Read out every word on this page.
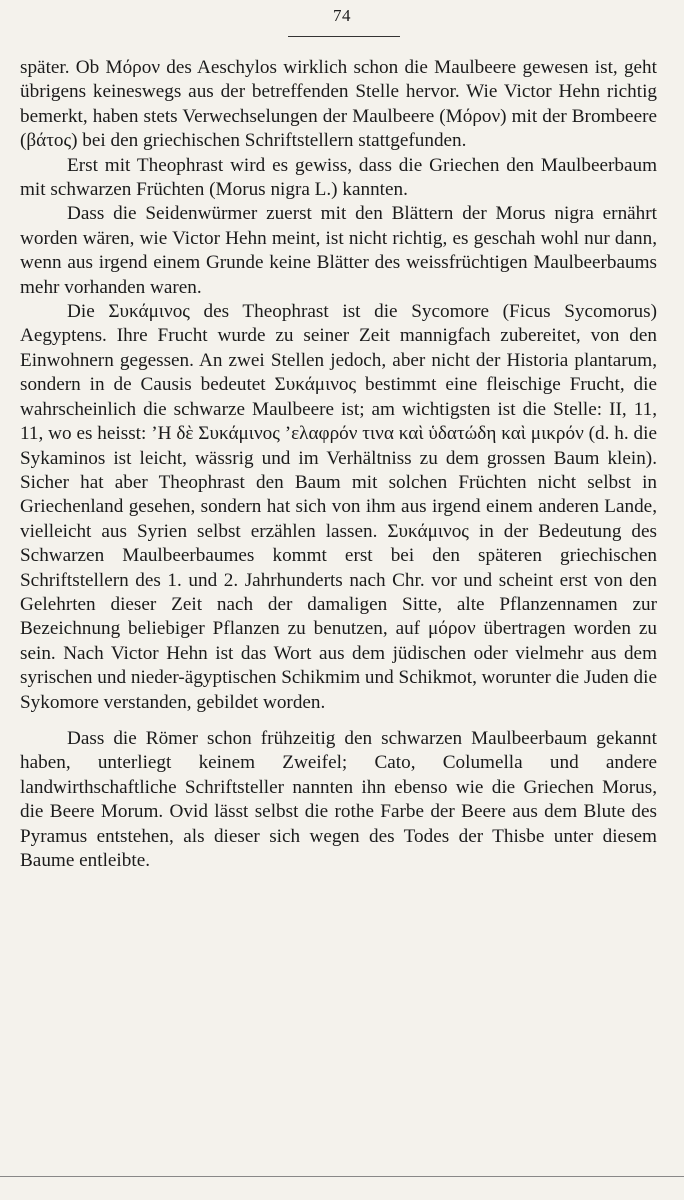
74

später. Ob Μόρον des Aeschylos wirklich schon die Maulbeere gewesen ist, geht übrigens keineswegs aus der betreffenden Stelle hervor. Wie Victor Hehn richtig bemerkt, haben stets Verwechselungen der Maulbeere (Μόρον) mit der Brombeere (βάτος) bei den griechischen Schriftstellern stattgefunden.

Erst mit Theophrast wird es gewiss, dass die Griechen den Maulbeerbaum mit schwarzen Früchten (Morus nigra L.) kannten.

Dass die Seidenwürmer zuerst mit den Blättern der Morus nigra ernährt worden wären, wie Victor Hehn meint, ist nicht richtig, es geschah wohl nur dann, wenn aus irgend einem Grunde keine Blätter des weissfrüchtigen Maulbeerbaums mehr vorhanden waren.

Die Συκάμινος des Theophrast ist die Sycomore (Ficus Sycomorus) Aegyptens. Ihre Frucht wurde zu seiner Zeit mannigfach zubereitet, von den Einwohnern gegessen. An zwei Stellen jedoch, aber nicht der Historia plantarum, sondern in de Causis bedeutet Συκάμινος bestimmt eine fleischige Frucht, die wahrscheinlich die schwarze Maulbeere ist; am wichtigsten ist die Stelle: II, 11, 11, wo es heisst: ’Η δὲ Συκάμινος ’ελαφρόν τινα καὶ ὑδατώδη καὶ μικρόν (d. h. die Sykaminos ist leicht, wässrig und im Verhältniss zu dem grossen Baum klein). Sicher hat aber Theophrast den Baum mit solchen Früchten nicht selbst in Griechenland gesehen, sondern hat sich von ihm aus irgend einem anderen Lande, vielleicht aus Syrien selbst erzählen lassen. Συκάμινος in der Bedeutung des Schwarzen Maulbeerbaumes kommt erst bei den späteren griechischen Schriftstellern des 1. und 2. Jahrhunderts nach Chr. vor und scheint erst von den Gelehrten dieser Zeit nach der damaligen Sitte, alte Pflanzennamen zur Bezeichnung beliebiger Pflanzen zu benutzen, auf μόρον übertragen worden zu sein. Nach Victor Hehn ist das Wort aus dem jüdischen oder vielmehr aus dem syrischen und nieder-ägyptischen Schikmim und Schikmot, worunter die Juden die Sykomore verstanden, gebildet worden.

Dass die Römer schon frühzeitig den schwarzen Maulbeerbaum gekannt haben, unterliegt keinem Zweifel; Cato, Columella und andere landwirthschaftliche Schriftsteller nannten ihn ebenso wie die Griechen Morus, die Beere Morum. Ovid lässt selbst die rothe Farbe der Beere aus dem Blute des Pyramus entstehen, als dieser sich wegen des Todes der Thisbe unter diesem Baume entleibte.
